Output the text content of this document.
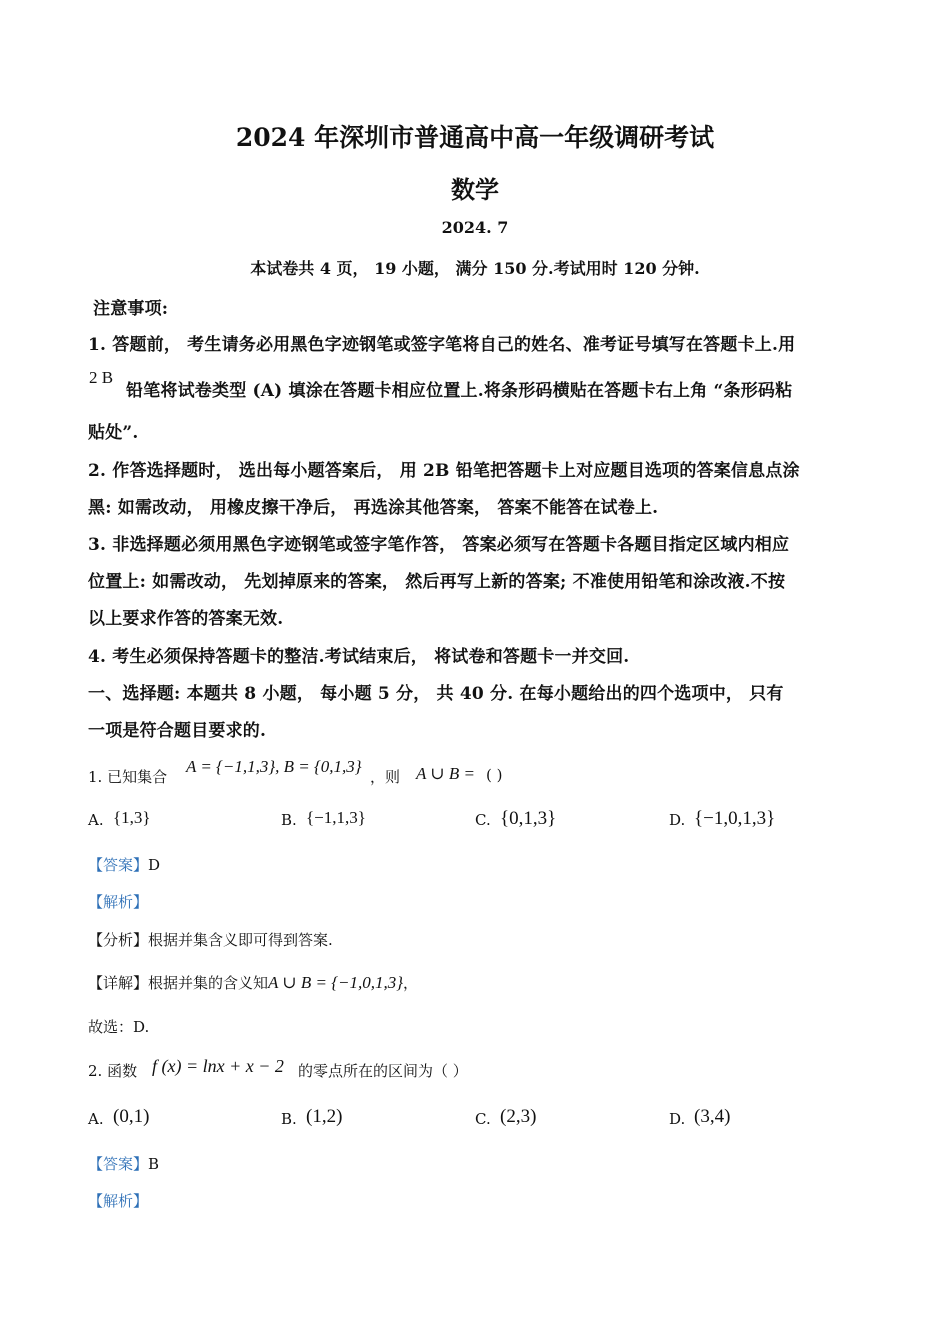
2024 年深圳市普通高中高一年级调研考试
数学
2024. 7
本试卷共 4 页， 19 小题， 满分 150 分.考试用时 120 分钟.
注意事项:
1. 答题前， 考生请务必用黑色字迹钢笔或签字笔将自己的姓名、准考证号填写在答题卡上.用
2 B
铅笔将试卷类型 (A) 填涂在答题卡相应位置上.将条形码横贴在答题卡右上角 “条形码粘
贴处”.
2. 作答选择题时， 选出每小题答案后， 用 2B 铅笔把答题卡上对应题目选项的答案信息点涂
黑: 如需改动， 用橡皮擦干净后， 再选涂其他答案， 答案不能答在试卷上.
3. 非选择题必须用黑色字迹钢笔或签字笔作答， 答案必须写在答题卡各题目指定区域内相应
位置上: 如需改动， 先划掉原来的答案， 然后再写上新的答案; 不准使用铅笔和涂改液.不按
以上要求作答的答案无效.
4. 考生必须保持答题卡的整洁.考试结束后， 将试卷和答题卡一并交回.
一、选择题: 本题共 8 小题， 每小题 5 分， 共 40 分. 在每小题给出的四个选项中， 只有
一项是符合题目要求的.
1. 已知集合
A = {−1,1,3}, B = {0,1,3}
，则 A ∪ B = ( )
A. {1,3}	B. {−1,1,3}	C. {0,1,3}	D. {−1,0,1,3}
【答案】D
【解析】
【分析】根据并集含义即可得到答案.
【详解】根据并集的含义知A ∪ B = {−1,0,1,3}，
故选：D.
2. 函数 f (x) = lnx + x − 2 的零点所在的区间为（ ）
A. (0,1)	B. (1,2)	C. (2,3)	D. (3,4)
【答案】B
【解析】
